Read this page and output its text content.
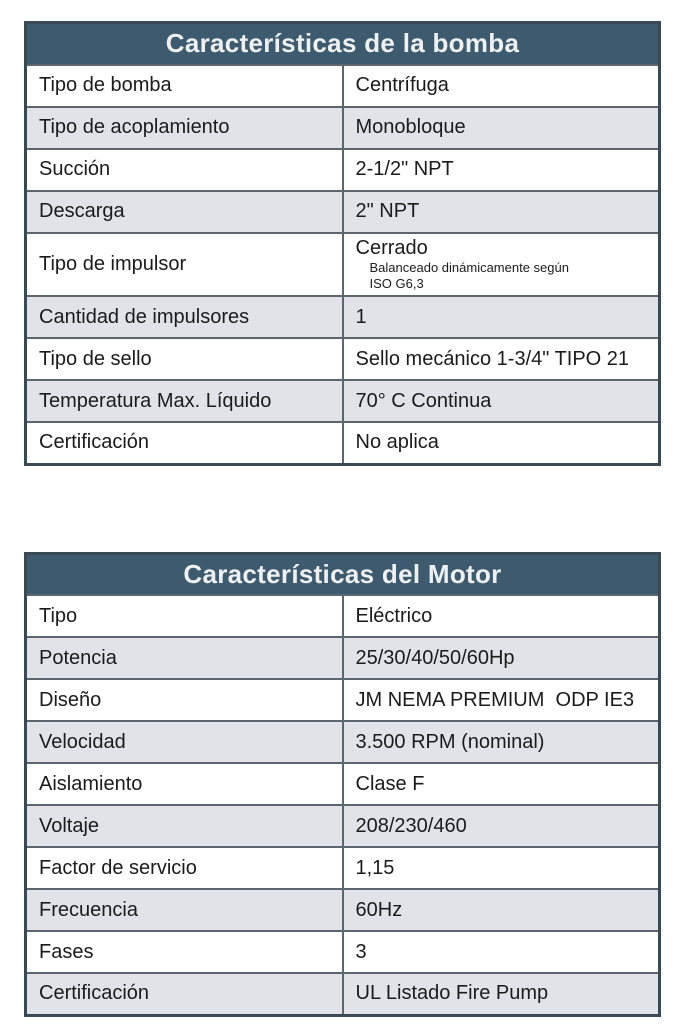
Características de la bomba	
Tipo de bomba	Centrífuga
Tipo de acoplamiento	Monobloque
Succión	2-1/2" NPT
Descarga	2" NPT
Tipo de impulsor	CerradoBalanceado dinámicamente según ISO G6,3
Cantidad de impulsores	1
Tipo de sello	Sello mecánico 1-3/4" TIPO 21
Temperatura Max. Líquido	70° C Continua
Certificación	No aplica
Características del Motor	
Tipo	Eléctrico
Potencia	25/30/40/50/60Hp
Diseño	JM NEMA PREMIUM  ODP IE3
Velocidad	3.500 RPM (nominal)
Aislamiento	Clase F
Voltaje	208/230/460
Factor de servicio	1,15
Frecuencia	60Hz
Fases	3
Certificación	UL Listado Fire Pump
